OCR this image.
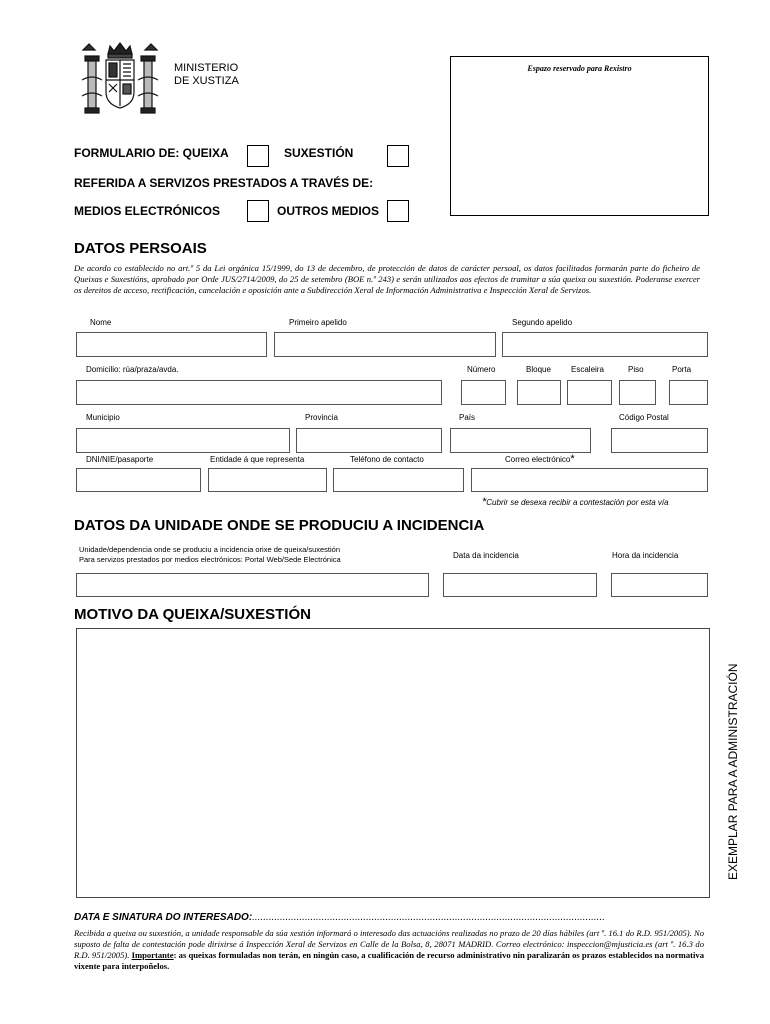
MINISTERIO
DE XUSTIZA
Espazo reservado para Rexistro
FORMULARIO DE: QUEIXA	SUXESTIÓN
REFERIDA A SERVIZOS PRESTADOS A TRAVÉS DE:
MEDIOS ELECTRÓNICOS	OUTROS MEDIOS
DATOS PERSOAIS
De acordo co establecido no art.º 5 da Lei orgánica 15/1999, do 13 de decembro, de protección de datos de carácter persoal, os datos facilitados formarán parte do ficheiro de Queixas e Suxestións, aprobado por Orde JUS/2714/2009, do 25 de setembro (BOE n.º 243) e serán utilizados aos efectos de tramitar a súa queixa ou suxestión. Poderanse exercer os dereitos de acceso, rectificación, cancelación e oposición ante a Subdirección Xeral de Información Administrativa e Inspección Xeral de Servizos.
Nome	Primeiro apelido	Segundo apelido
Domicilio: rúa/praza/avda.	Número	Bloque	Escaleira	Piso	Porta
Municipio	Provincia	País	Código Postal
DNI/NIE/pasaporte	Entidade á que representa	Teléfono de contacto	Correo electrónico*
*Cubrir se desexa recibir a contestación por esta vía
DATOS DA UNIDADE ONDE SE PRODUCIU A INCIDENCIA
Unidade/dependencia onde se produciu a incidencia orixe de queixa/suxestión
Para servizos prestados por medios electrónicos: Portal Web/Sede Electrónica	Data da incidencia	Hora da incidencia
MOTIVO DA QUEIXA/SUXESTIÓN
EXEMPLAR PARA A ADMINISTRACIÓN
DATA E SINATURA DO INTERESADO:...............................................................................................................................
Recibida a queixa ou suxestión, a unidade responsable da súa xestión informará o interesado das actuacións realizadas no prazo de 20 días hábiles (art º. 16.1 do R.D. 951/2005). No suposto de falta de contestación pode dirixirse á Inspección Xeral de Servizos en Calle de la Bolsa, 8, 28071 MADRID. Correo electrónico: inspeccion@mjusticia.es (art º. 16.3 do R.D. 951/2005). Importante: as queixas formuladas non terán, en ningún caso, a cualificación de recurso administrativo nin paralizarán os prazos establecidos na normativa vixente para interpoñelos.
